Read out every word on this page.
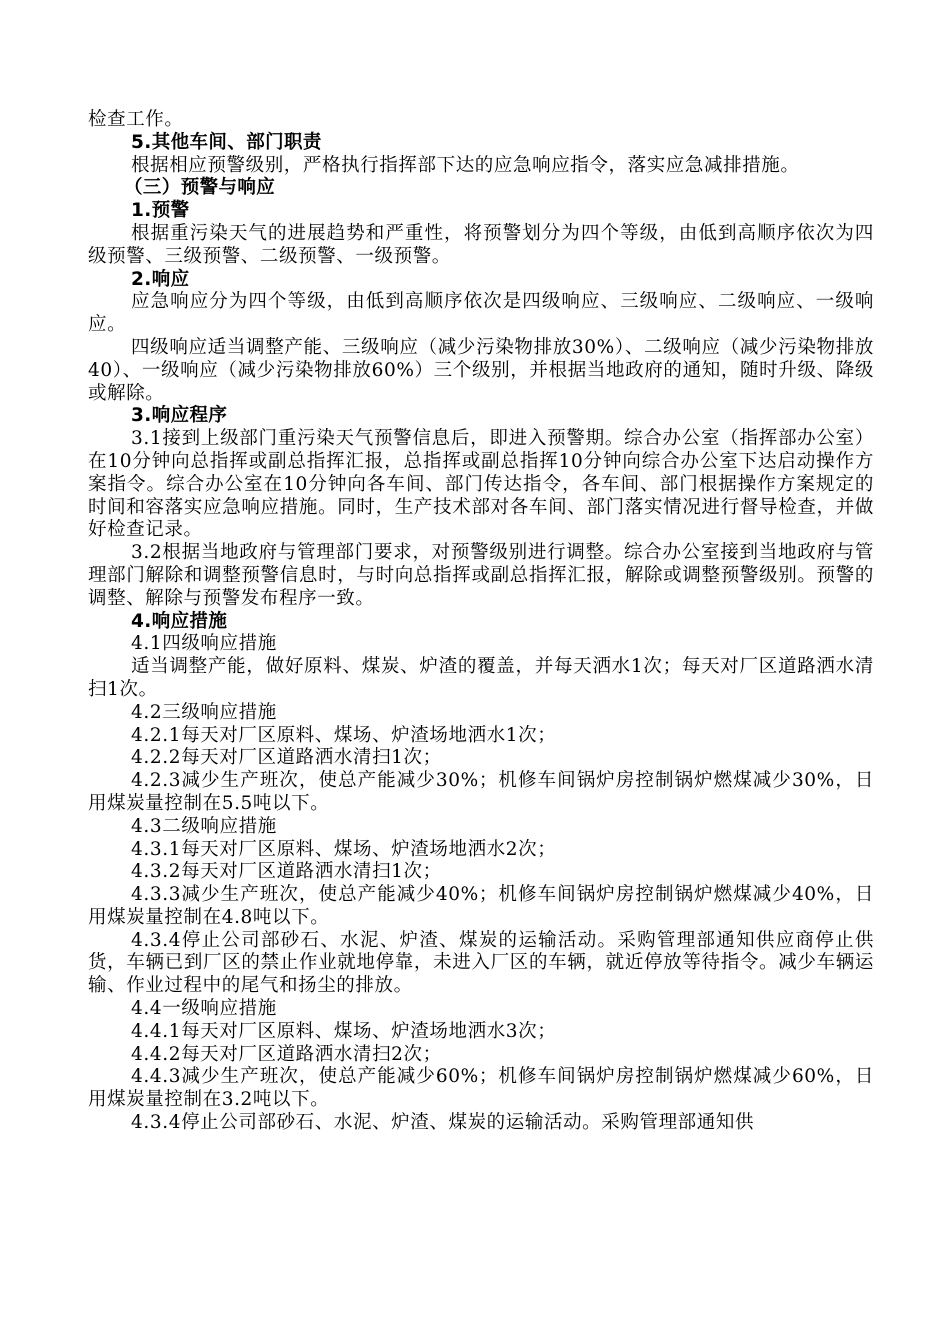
检查工作。

5.其他车间、部门职责

根据相应预警级别，严格执行指挥部下达的应急响应指令，落实应急减排措施。

（三）预警与响应

1.预警

根据重污染天气的进展趋势和严重性，将预警划分为四个等级，由低到高顺序依次为四级预警、三级预警、二级预警、一级预警。

2.响应

应急响应分为四个等级，由低到高顺序依次是四级响应、三级响应、二级响应、一级响应。

四级响应适当调整产能、三级响应（减少污染物排放30%）、二级响应（减少污染物排放40）、一级响应（减少污染物排放60%）三个级别，并根据当地政府的通知，随时升级、降级或解除。

3.响应程序

3.1接到上级部门重污染天气预警信息后，即进入预警期。综合办公室（指挥部办公室）在10分钟向总指挥或副总指挥汇报，总指挥或副总指挥10分钟向综合办公室下达启动操作方案指令。综合办公室在10分钟向各车间、部门传达指令，各车间、部门根据操作方案规定的时间和容落实应急响应措施。同时，生产技术部对各车间、部门落实情况进行督导检查，并做好检查记录。

3.2根据当地政府与管理部门要求，对预警级别进行调整。综合办公室接到当地政府与管理部门解除和调整预警信息时，与时向总指挥或副总指挥汇报，解除或调整预警级别。预警的调整、解除与预警发布程序一致。

4.响应措施

4.1四级响应措施

适当调整产能，做好原料、煤炭、炉渣的覆盖，并每天洒水1次；每天对厂区道路洒水清扫1次。

4.2三级响应措施

4.2.1每天对厂区原料、煤场、炉渣场地洒水1次；

4.2.2每天对厂区道路洒水清扫1次；

4.2.3减少生产班次，使总产能减少30%；机修车间锅炉房控制锅炉燃煤减少30%，日用煤炭量控制在5.5吨以下。

4.3二级响应措施

4.3.1每天对厂区原料、煤场、炉渣场地洒水2次；

4.3.2每天对厂区道路洒水清扫1次；

4.3.3减少生产班次，使总产能减少40%；机修车间锅炉房控制锅炉燃煤减少40%，日用煤炭量控制在4.8吨以下。

4.3.4停止公司部砂石、水泥、炉渣、煤炭的运输活动。采购管理部通知供应商停止供货，车辆已到厂区的禁止作业就地停靠，未进入厂区的车辆，就近停放等待指令。减少车辆运输、作业过程中的尾气和扬尘的排放。

4.4一级响应措施

4.4.1每天对厂区原料、煤场、炉渣场地洒水3次；

4.4.2每天对厂区道路洒水清扫2次；

4.4.3减少生产班次，使总产能减少60%；机修车间锅炉房控制锅炉燃煤减少60%，日用煤炭量控制在3.2吨以下。

4.3.4停止公司部砂石、水泥、炉渣、煤炭的运输活动。采购管理部通知供
